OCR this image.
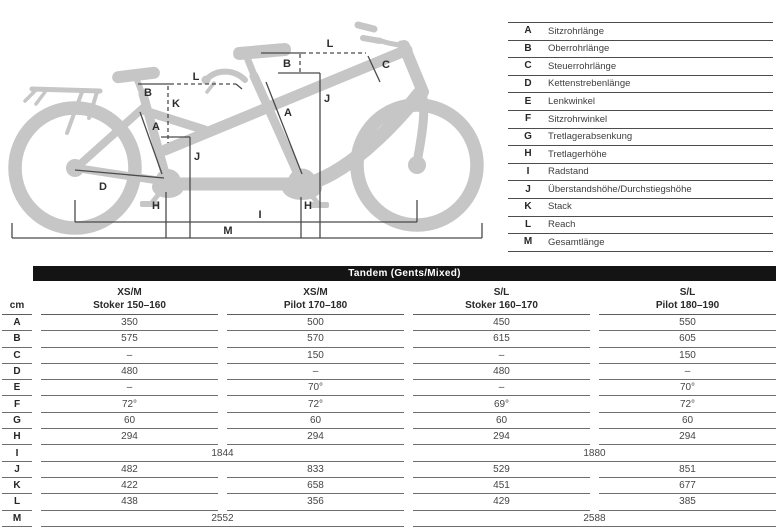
L
B
K
A
D
J
H
I
M
L
B	C
A
J
H
A	Sitzrohrlänge
B	Oberrohrlänge
C	Steuerrohrlänge
D	Kettenstrebenlänge
E	Lenkwinkel
F	Sitzrohrwinkel
G	Tretlagerabsenkung
H	Tretlagerhöhe
I	Radstand
J	Überstandshöhe/Durchstiegshöhe
K	Stack
L	Reach
M	Gesamtlänge
Tandem (Gents/Mixed)
cm
XS/M
Stoker 150–160
XS/M
Pilot 170–180
S/L
Stoker 160–170
S/L
Pilot 180–190
A	350	500	450	550
B	575	570	615	605
C	–	150	–	150
D	480	–	480	–
E	–	70°	–	70°
F	72°	72°	69°	72°
G	60	60	60	60
H	294	294	294	294
I	1844	1880
J	482	833	529	851
K	422	658	451	677
L	438	356	429	385
M	2552	2588
